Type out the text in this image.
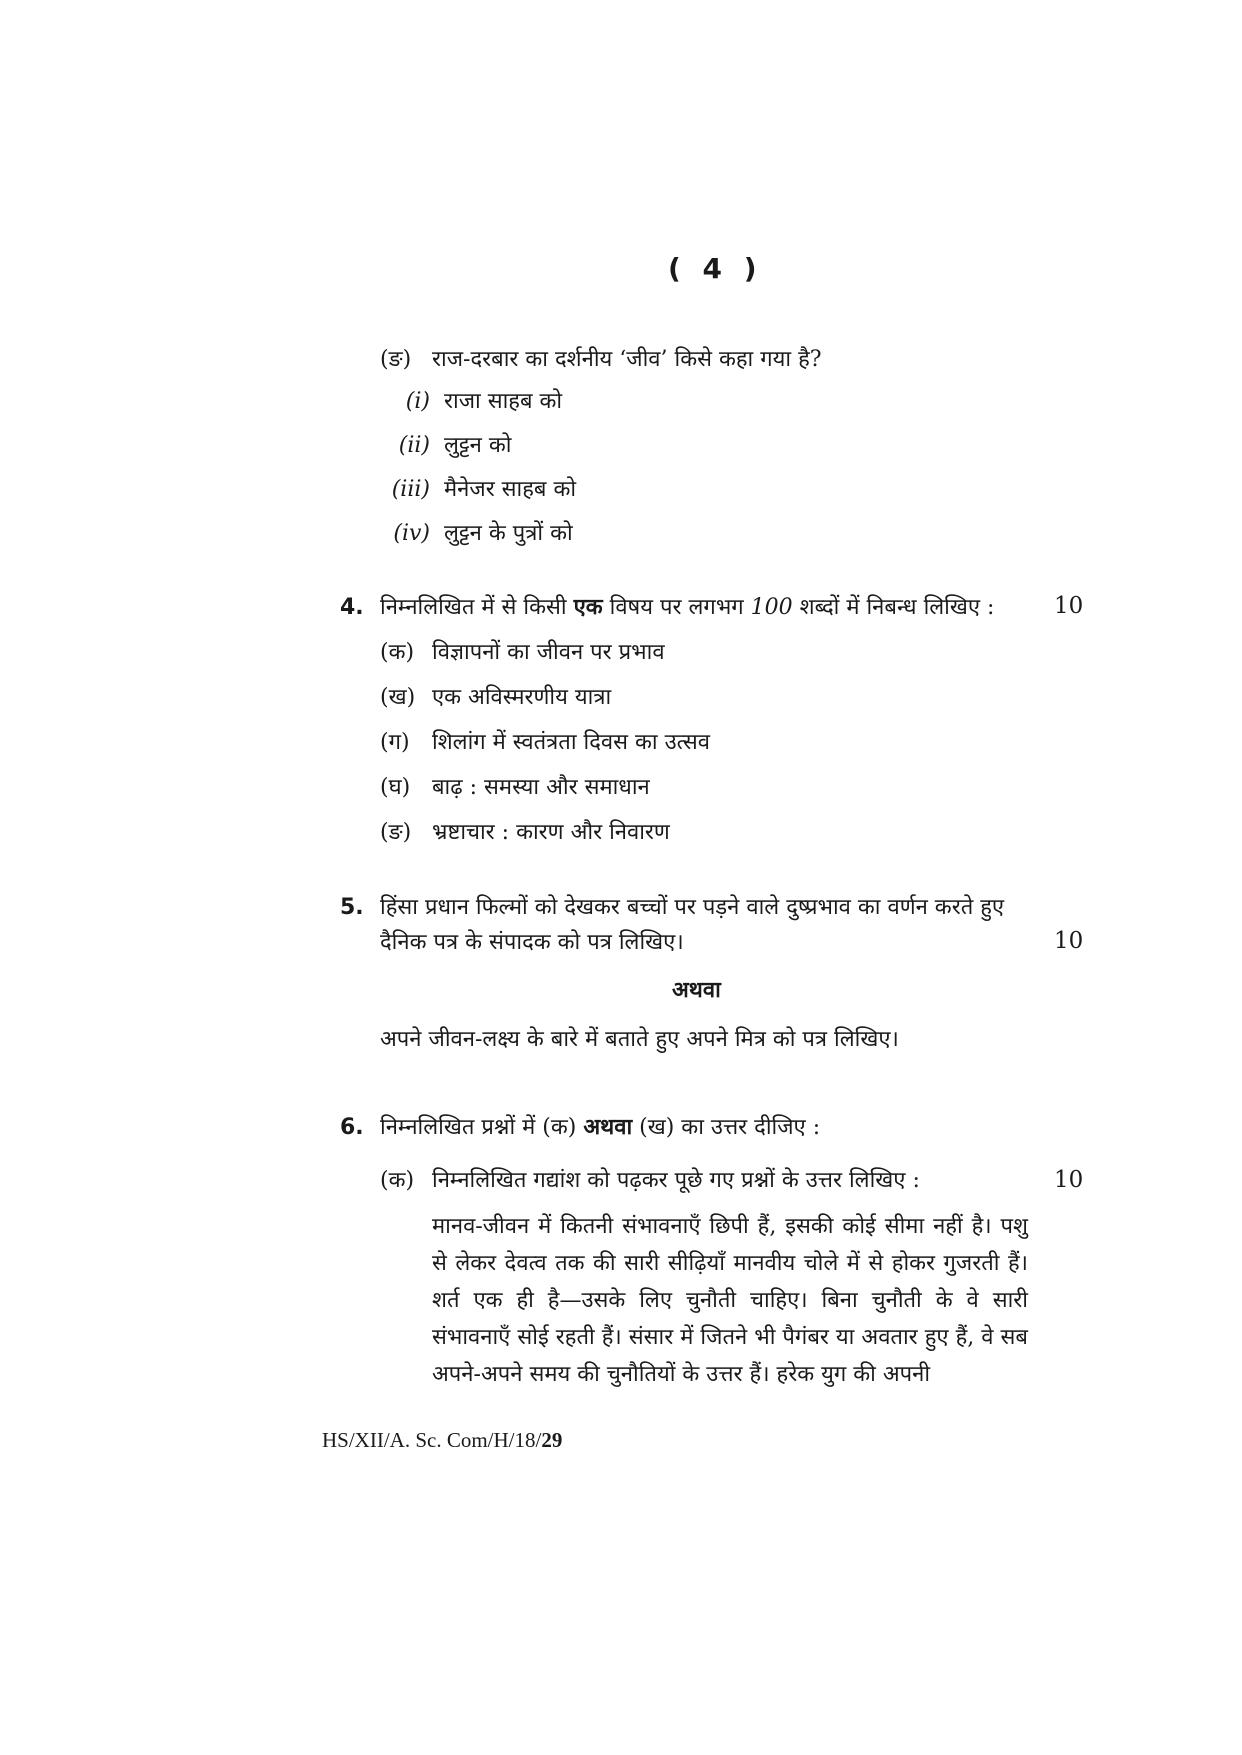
( 4 )
(ङ) राज-दरबार का दर्शनीय ‘जीव’ किसे कहा गया है?
(i) राजा साहब को
(ii) लुट्टन को
(iii) मैनेजर साहब को
(iv) लुट्टन के पुत्रों को
4. निम्नलिखित में से किसी एक विषय पर लगभग 100 शब्दों में निबन्ध लिखिए :	10
(क) विज्ञापनों का जीवन पर प्रभाव
(ख) एक अविस्मरणीय यात्रा
(ग) शिलांग में स्वतंत्रता दिवस का उत्सव
(घ) बाढ़ : समस्या और समाधान
(ङ) भ्रष्टाचार : कारण और निवारण
5. हिंसा प्रधान फिल्मों को देखकर बच्चों पर पड़ने वाले दुष्प्रभाव का वर्णन करते हुए
दैनिक पत्र के संपादक को पत्र लिखिए।	10
अथवा
अपने जीवन-लक्ष्य के बारे में बताते हुए अपने मित्र को पत्र लिखिए।
6. निम्नलिखित प्रश्नों में (क) अथवा (ख) का उत्तर दीजिए :
(क) निम्नलिखित गद्यांश को पढ़कर पूछे गए प्रश्नों के उत्तर लिखिए :	10
मानव-जीवन में कितनी संभावनाएँ छिपी हैं, इसकी कोई सीमा नहीं है। पशु से लेकर देवत्व तक की सारी सीढ़ियाँ मानवीय चोले में से होकर गुजरती हैं। शर्त एक ही है—उसके लिए चुनौती चाहिए। बिना चुनौती के वे सारी संभावनाएँ सोई रहती हैं। संसार में जितने भी पैगंबर या अवतार हुए हैं, वे सब अपने-अपने समय की चुनौतियों के उत्तर हैं। हरेक युग की अपनी
HS/XII/A. Sc. Com/H/18/29
